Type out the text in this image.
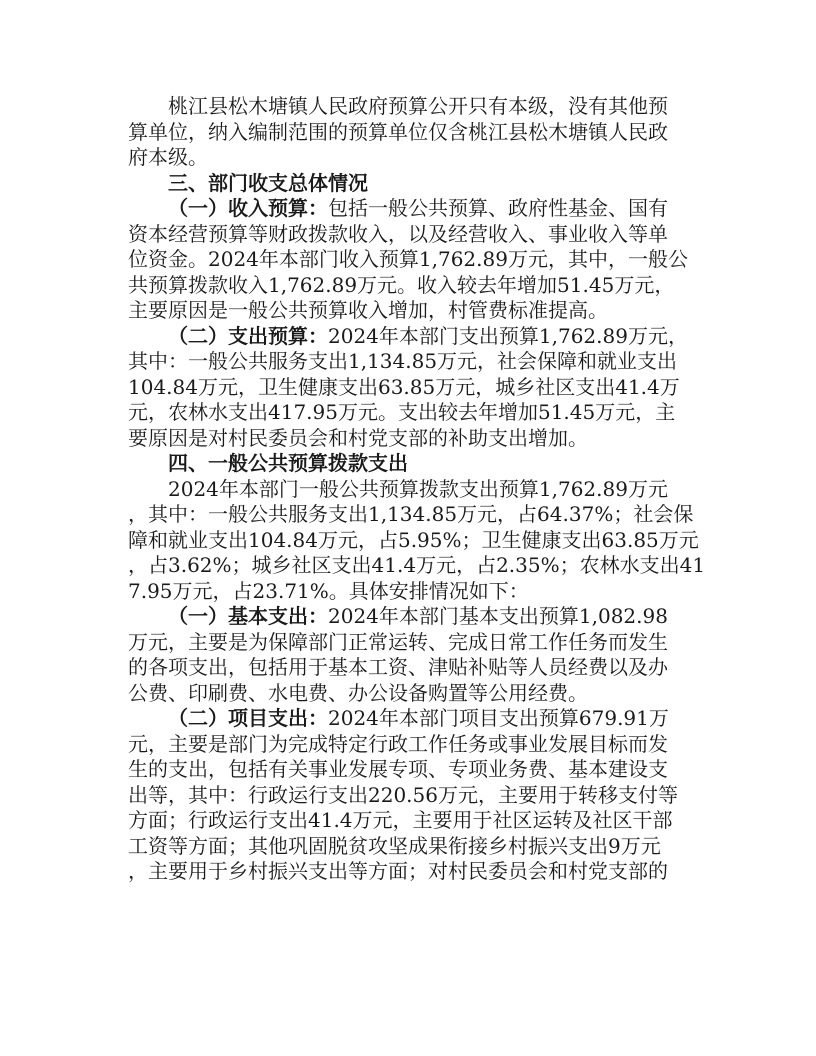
桃江县松木塘镇人民政府预算公开只有本级，没有其他预
算单位，纳入编制范围的预算单位仅含桃江县松木塘镇人民政
府本级。
三、部门收支总体情况
（一）收入预算：包括一般公共预算、政府性基金、国有
资本经营预算等财政拨款收入，以及经营收入、事业收入等单
位资金。2024年本部门收入预算1,762.89万元，其中，一般公
共预算拨款收入1,762.89万元。收入较去年增加51.45万元，
主要原因是一般公共预算收入增加，村管费标准提高。
（二）支出预算：2024年本部门支出预算1,762.89万元，
其中：一般公共服务支出1,134.85万元，社会保障和就业支出
104.84万元，卫生健康支出63.85万元，城乡社区支出41.4万
元，农林水支出417.95万元。支出较去年增加51.45万元，主
要原因是对村民委员会和村党支部的补助支出增加。
四、一般公共预算拨款支出
2024年本部门一般公共预算拨款支出预算1,762.89万元
，其中：一般公共服务支出1,134.85万元，占64.37%；社会保
障和就业支出104.84万元，占5.95%；卫生健康支出63.85万元
，占3.62%；城乡社区支出41.4万元，占2.35%；农林水支出41
7.95万元，占23.71%。具体安排情况如下：
（一）基本支出：2024年本部门基本支出预算1,082.98
万元，主要是为保障部门正常运转、完成日常工作任务而发生
的各项支出，包括用于基本工资、津贴补贴等人员经费以及办
公费、印刷费、水电费、办公设备购置等公用经费。
（二）项目支出：2024年本部门项目支出预算679.91万
元，主要是部门为完成特定行政工作任务或事业发展目标而发
生的支出，包括有关事业发展专项、专项业务费、基本建设支
出等，其中：行政运行支出220.56万元，主要用于转移支付等
方面；行政运行支出41.4万元，主要用于社区运转及社区干部
工资等方面；其他巩固脱贫攻坚成果衔接乡村振兴支出9万元
，主要用于乡村振兴支出等方面；对村民委员会和村党支部的
